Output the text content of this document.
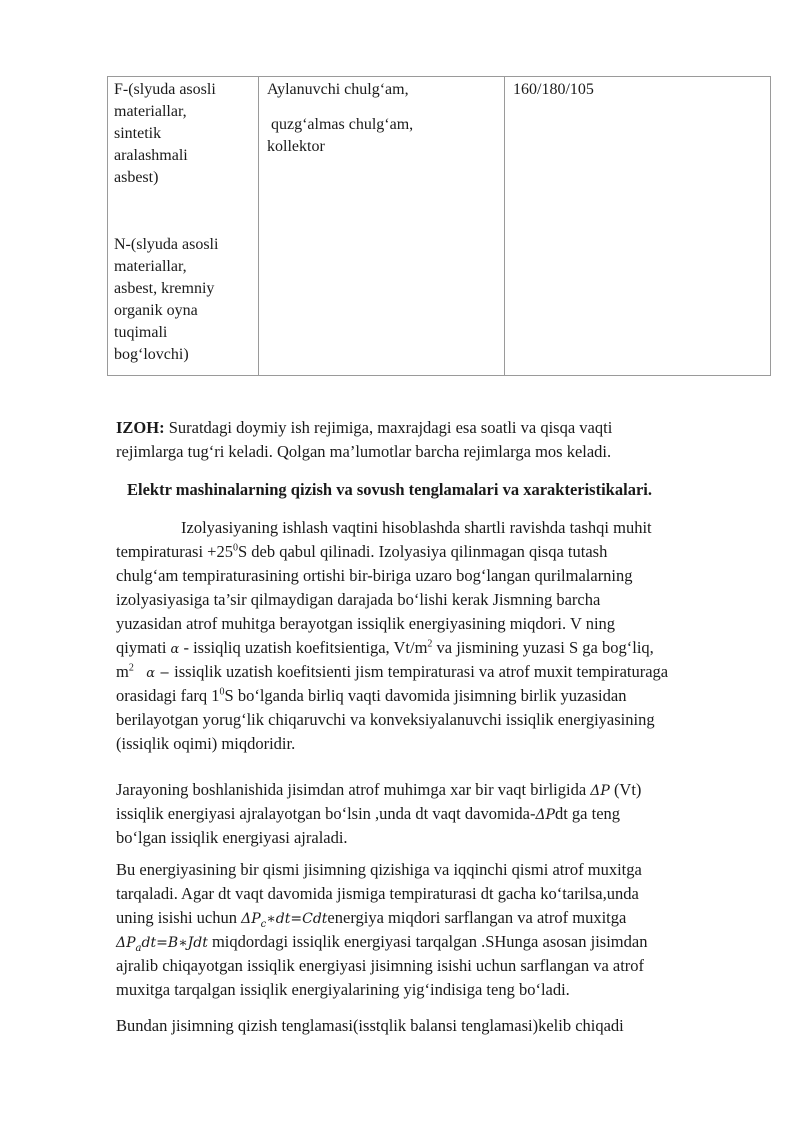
F-(slyuda asosli
materiallar,
sintetik
aralashmali
asbest)
N-(slyuda asosli
materiallar,
asbest, kremniy
organik oyna
tuqimali
bog‘lovchi)
Aylanuvchi chulg‘am,
quzg‘almas chulg‘am,
kollektor
160/180/105
IZOH: Suratdagi doymiy ish rejimiga, maxrajdagi esa soatli va qisqa vaqti
rejimlarga tug‘ri keladi. Qolgan ma’lumotlar barcha rejimlarga mos keladi.
Elektr mashinalarning qizish va sovush tenglamalari va xarakteristikalari.
Izolyasiyaning ishlash vaqtini hisoblashda shartli ravishda tashqi muhit
tempiraturasi $+25^0S$ deb qabul qilinadi. Izolyasiya qilinmagan qisqa tutash
chulg‘am tempiraturasining ortishi bir-biriga uzaro bog‘langan qurilmalarning
izolyasiyasiga ta’sir qilmaydigan darajada bo‘lishi kerak Jismning barcha
yuzasidan atrof muhitga berayotgan issiqlik energiyasining miqdori. V ning
qiymati α - issiqliq uzatish koefitsientiga, $Vt/m^2$ va jismining yuzasi S ga bog‘liq,
$m^2$ α − issiqlik uzatish koefitsienti jism tempiraturasi va atrof muxit tempiraturaga
orasidagi farq $1^0S$ bo‘lganda birliq vaqti davomida jisimning birlik yuzasidan
berilayotgan yorug‘lik chiqaruvchi va konveksiyalanuvchi issiqlik energiyasining
(issiqlik oqimi) miqdoridir.
Jarayoning boshlanishida jisimdan atrof muhimga xar bir vaqt birligida ΔP (Vt)
issiqlik energiyasi ajralayotgan bo‘lsin ,unda dt vaqt davomida-ΔPdt ga teng
bo‘lgan issiqlik energiyasi ajraladi.
Bu energiyasining bir qismi jisimning qizishiga va iqqinchi qismi atrof muxitga
tarqaladi. Agar dt vaqt davomida jismiga tempiraturasi dt gacha ko‘tarilsa,unda
uning isishi uchun $\Delta P_c∗dt=Cdtenergiya$ miqdori sarflangan va atrof muxitga
$\Delta P_adt=B∗Jdt$ miqdordagi issiqlik energiyasi tarqalgan .SHunga asosan jisimdan
ajralib chiqayotgan issiqlik energiyasi jisimning isishi uchun sarflangan va atrof
muxitga tarqalgan issiqlik energiyalarining yig‘indisiga teng bo‘ladi.
Bundan jisimning qizish tenglamasi(isstqlik balansi tenglamasi)kelib chiqadi
